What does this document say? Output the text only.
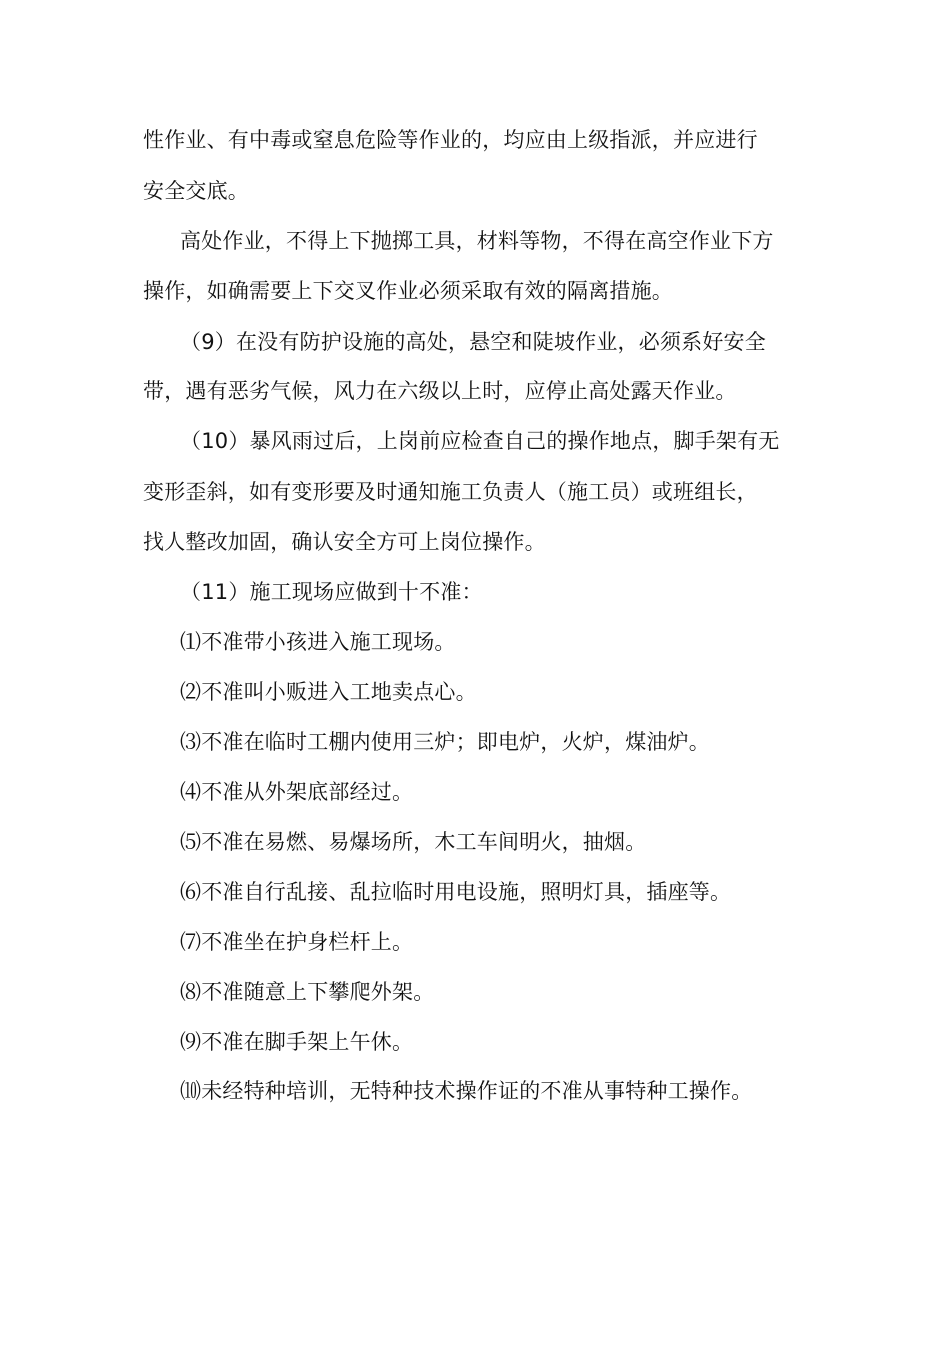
性作业、有中毒或窒息危险等作业的，均应由上级指派，并应进行
安全交底。
高处作业，不得上下抛掷工具，材料等物，不得在高空作业下方
操作，如确需要上下交叉作业必须采取有效的隔离措施。
（9）在没有防护设施的高处，悬空和陡坡作业，必须系好安全
带，遇有恶劣气候，风力在六级以上时，应停止高处露天作业。
（10）暴风雨过后，上岗前应检查自己的操作地点，脚手架有无
变形歪斜，如有变形要及时通知施工负责人（施工员）或班组长，
找人整改加固，确认安全方可上岗位操作。
（11）施工现场应做到十不准：
⑴不准带小孩进入施工现场。
⑵不准叫小贩进入工地卖点心。
⑶不准在临时工棚内使用三炉；即电炉，火炉，煤油炉。
⑷不准从外架底部经过。
⑸不准在易燃、易爆场所，木工车间明火，抽烟。
⑹不准自行乱接、乱拉临时用电设施，照明灯具，插座等。
⑺不准坐在护身栏杆上。
⑻不准随意上下攀爬外架。
⑼不准在脚手架上午休。
⑽未经特种培训，无特种技术操作证的不准从事特种工操作。
